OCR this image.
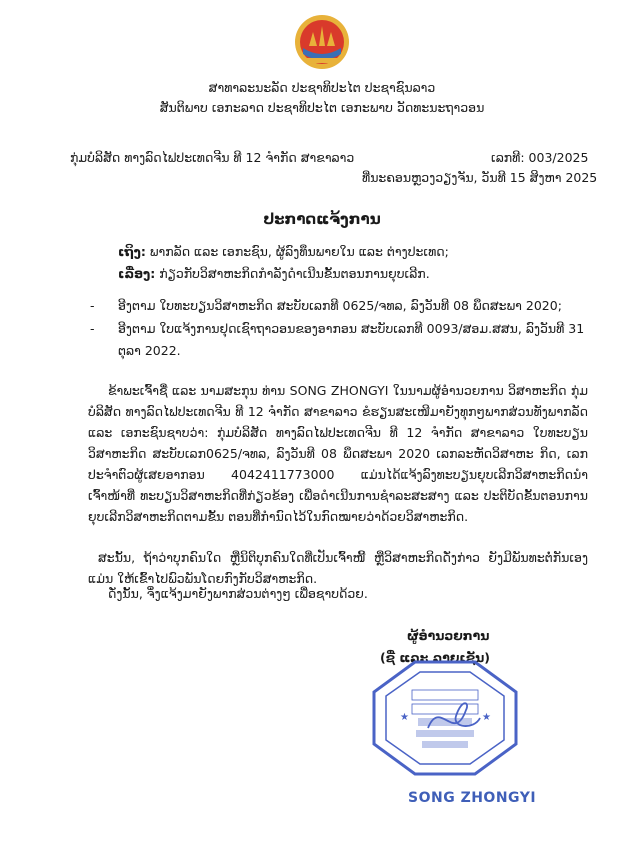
ສາທາລະນະລັດ ປະຊາທິປະໄຕ ປະຊາຊົນລາວ
ສັນຕິພາບ ເອກະລາດ ປະຊາທິປະໄຕ ເອກະພາບ ວັດທະນະຖາວອນ
ກຸ່ມບໍລິສັດ ທາງລົດໄຟປະເທດຈີນ ທີ 12 ຈຳກັດ ສາຂາລາວ	ເລກທີ: 003/2025
ທີ່ນະຄອນຫຼວງວຽງຈັນ, ວັນທີ 15 ສິງຫາ 2025
ປະກາດແຈ້ງການ
ເຖິງ: ພາກລັດ ແລະ ເອກະຊົນ, ຜູ້ລົງທຶນພາຍໃນ ແລະ ຕ່າງປະເທດ;
ເລື່ອງ: ກ່ຽວກັບວິສາຫະກິດກຳລັງດຳເນີນຂັ້ນຕອນການຍຸບເລີກ.
-	ອີງຕາມ ໃບທະບຽນວິສາຫະກິດ ສະບັບເລກທີ 0625/ຈທລ, ລົງວັນທີ 08 ພຶດສະພາ 2020;
-	ອີງຕາມ ໃບແຈ້ງການຢຸດເຊົາຖາວອນຂອງອາກອນ ສະບັບເລກທີ 0093/ສອມ.ສສນ, ລົງວັນທີ 31 ຕຸລາ 2022.
ຂ້າພະເຈົ້າຊື່ ແລະ ນາມສະກຸນ ທ່ານ SONG ZHONGYI ໃນນາມຜູ້ອຳນວຍການ ວິສາຫະກິດ ກຸ່ມບໍລິສັດ ທາງລົດໄຟປະເທດຈີນ ທີ 12 ຈຳກັດ ສາຂາລາວ ຂໍຮຽນສະເໜີມາຍັງທຸກໆພາກສ່ວນທັງພາກລັດ ແລະ ເອກະຊົນຊາບວ່າ: ກຸ່ມບໍລິສັດ ທາງລົດໄຟປະເທດຈີນ ທີ 12 ຈຳກັດ ສາຂາລາວ ໃບທະບຽນວິສາຫະກິດ ສະບັບເລກ0625/ຈທລ, ລົງວັນທີ 08 ພຶດສະພາ 2020 ເລກລະຫັດວິສາຫະ ກິດ, ເລກປະຈຳຕົວຜູ້ເສຍອາກອນ 4042411773000 ແມ່ນໄດ້ແຈ້ງລົງທະບຽນຍຸບເລີກວິສາຫະກິດນຳເຈົ້າໜ້າທີ່ ທະບຽນວິສາຫະກິດທີ່ກ່ຽວຂ້ອງ ເພື່ອດຳເນີນການຊຳລະສະສາງ ແລະ ປະຕິບັດຂັ້ນຕອນການຍຸບເລີກວິສາຫະກິດຕາມຂັ້ນ ຕອນທີ່ກຳນົດໄວ້ໃນກົດໝາຍວ່າດ້ວຍວິສາຫະກິດ.
ສະນັ້ນ, ຖ້າວ່າບຸກຄົນໃດ ຫຼືນິຕິບຸກຄົນໃດທີ່ເປັນເຈົ້າໜີ້ ຫຼືວິສາຫະກິດດັ່ງກ່າວ ຍັງມີພັນທະຕໍ່ກັນເອງ ແມ່ນ ໃຫ້ເຂົ້າໄປພົວພັນໂດຍກົງກັບວິສາຫະກິດ.
ດັ່ງນັ້ນ, ຈຶ່ງແຈ້ງມາຍັງພາກສ່ວນຕ່າງໆ ເພື່ອຊາບດ້ວຍ.
ຜູ້ອຳນວຍການ
(ຊື່ ແລະ ລາຍເຊັນ)
★	★
SONG ZHONGYI
